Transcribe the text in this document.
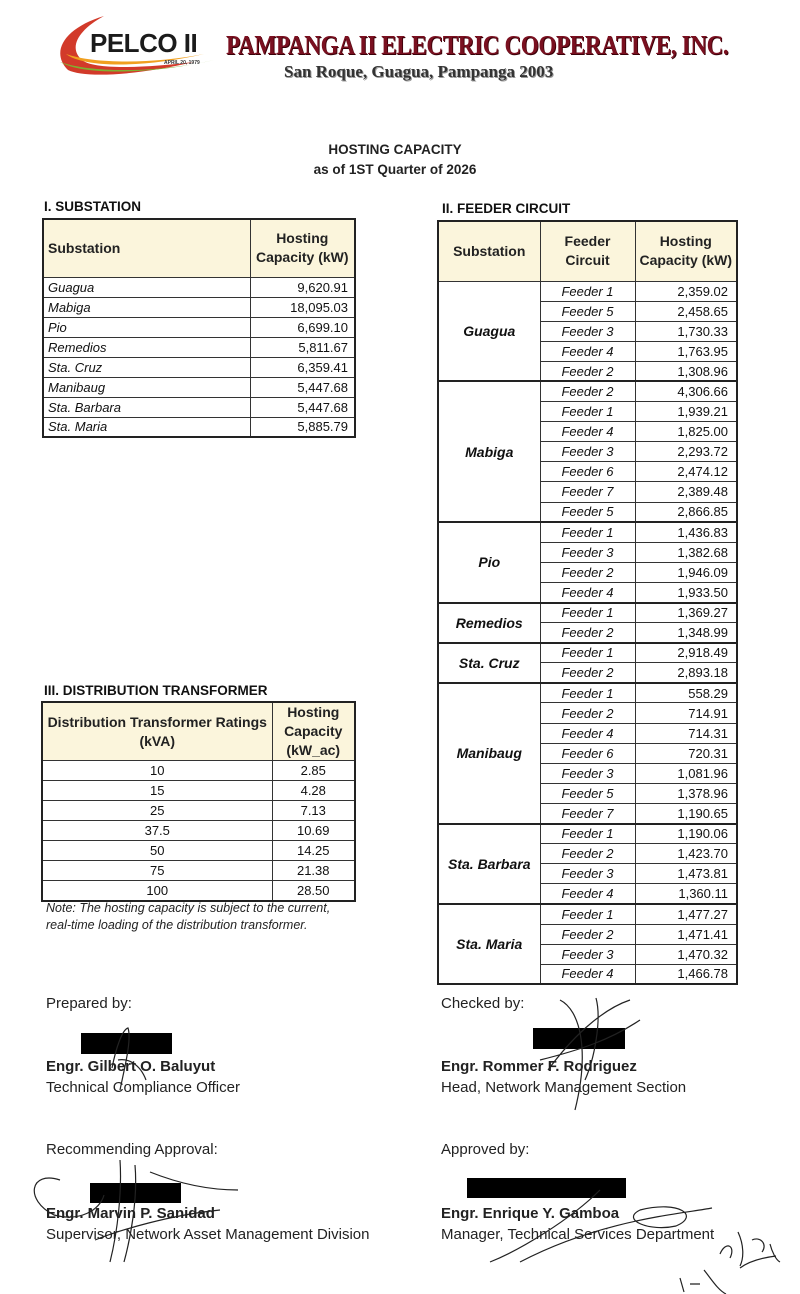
PELCO II
APRIL 20, 1979
PAMPANGA II ELECTRIC COOPERATIVE, INC.
San Roque, Guagua, Pampanga 2003
HOSTING CAPACITY
as of 1ST Quarter of 2026
I. SUBSTATION
Substation	Hosting Capacity (kW)
Guagua	9,620.91
Mabiga	18,095.03
Pio	6,699.10
Remedios	5,811.67
Sta. Cruz	6,359.41
Manibaug	5,447.68
Sta. Barbara	5,447.68
Sta. Maria	5,885.79
II. FEEDER CIRCUIT
Substation	Feeder Circuit	Hosting Capacity (kW)
Guagua	Feeder 1	2,359.02
	Feeder 5	2,458.65
	Feeder 3	1,730.33
	Feeder 4	1,763.95
	Feeder 2	1,308.96
Mabiga	Feeder 2	4,306.66
	Feeder 1	1,939.21
	Feeder 4	1,825.00
	Feeder 3	2,293.72
	Feeder 6	2,474.12
	Feeder 7	2,389.48
	Feeder 5	2,866.85
Pio	Feeder 1	1,436.83
	Feeder 3	1,382.68
	Feeder 2	1,946.09
	Feeder 4	1,933.50
Remedios	Feeder 1	1,369.27
	Feeder 2	1,348.99
Sta. Cruz	Feeder 1	2,918.49
	Feeder 2	2,893.18
Manibaug	Feeder 1	558.29
	Feeder 2	714.91
	Feeder 4	714.31
	Feeder 6	720.31
	Feeder 3	1,081.96
	Feeder 5	1,378.96
	Feeder 7	1,190.65
Sta. Barbara	Feeder 1	1,190.06
	Feeder 2	1,423.70
	Feeder 3	1,473.81
	Feeder 4	1,360.11
Sta. Maria	Feeder 1	1,477.27
	Feeder 2	1,471.41
	Feeder 3	1,470.32
	Feeder 4	1,466.78
III. DISTRIBUTION TRANSFORMER
Distribution Transformer Ratings (kVA)	Hosting Capacity (kW_ac)
10	2.85
15	4.28
25	7.13
37.5	10.69
50	14.25
75	21.38
100	28.50
Note: The hosting capacity is subject to the current, real-time loading of the distribution transformer.
Prepared by:
Engr. Gilbert O. Baluyut
Technical Compliance Officer
Checked by:
Engr. Rommer F. Rodriguez
Head, Network Management Section
Recommending Approval:
Engr. Marvin P. Sanidad
Supervisor, Network Asset Management Division
Approved by:
Engr. Enrique Y. Gamboa
Manager, Technical Services Department
